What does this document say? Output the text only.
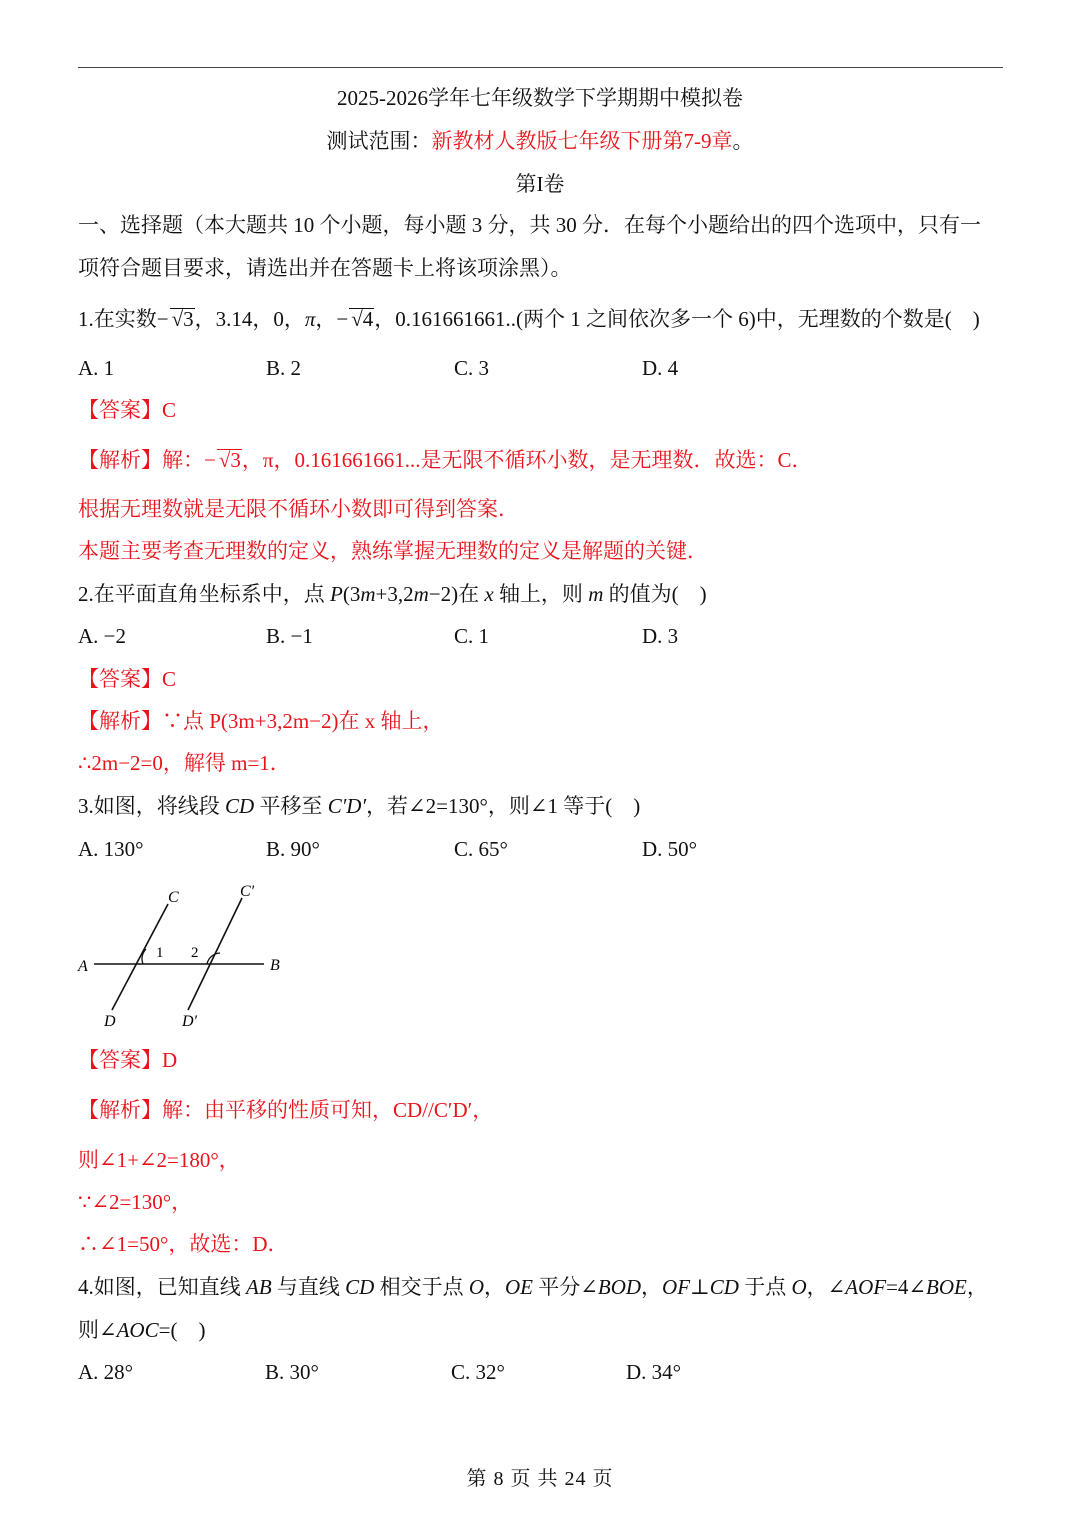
2025-2026学年七年级数学下学期期中模拟卷
测试范围：新教材人教版七年级下册第7-9章。
第I卷
一、选择题（本大题共 10 个小题，每小题 3 分，共 30 分．在每个小题给出的四个选项中，只有一
项符合题目要求，请选出并在答题卡上将该项涂黑）。
1.在实数− √3，3.14，0，π，− √4，0.161661661..(两个 1 之间依次多一个 6)中，无理数的个数是(　)
A. 1	B. 2	C. 3	D. 4
【答案】C
【解析】解：− √3，π，0.161661661...是无限不循环小数，是无理数．故选：C．
根据无理数就是无限不循环小数即可得到答案．
本题主要考查无理数的定义，熟练掌握无理数的定义是解题的关键．
2.在平面直角坐标系中，点 P(3m+3,2m−2)在 x 轴上，则 m 的值为(　)
A. −2	B. −1	C. 1	D. 3
【答案】C
【解析】∵点 P(3m+3,2m−2)在 x 轴上，
∴2m−2=0，解得 m=1．
3.如图，将线段 CD 平移至 C′D′，若∠2=130°，则∠1 等于(　)
A. 130°	B. 90°	C. 65°	D. 50°
A	B
C	C′
D	D′
1 2
【答案】D
【解析】解：由平移的性质可知，CD//C′D′，
则∠1+∠2=180°，
∵∠2=130°，
∴∠1=50°，故选：D．
4.如图，已知直线 AB 与直线 CD 相交于点 O，OE 平分∠BOD，OF⊥CD 于点 O，∠AOF=4∠BOE，
则∠AOC=(　)
A. 28°	B. 30°	C. 32°	D. 34°
第 8 页 共 24 页
